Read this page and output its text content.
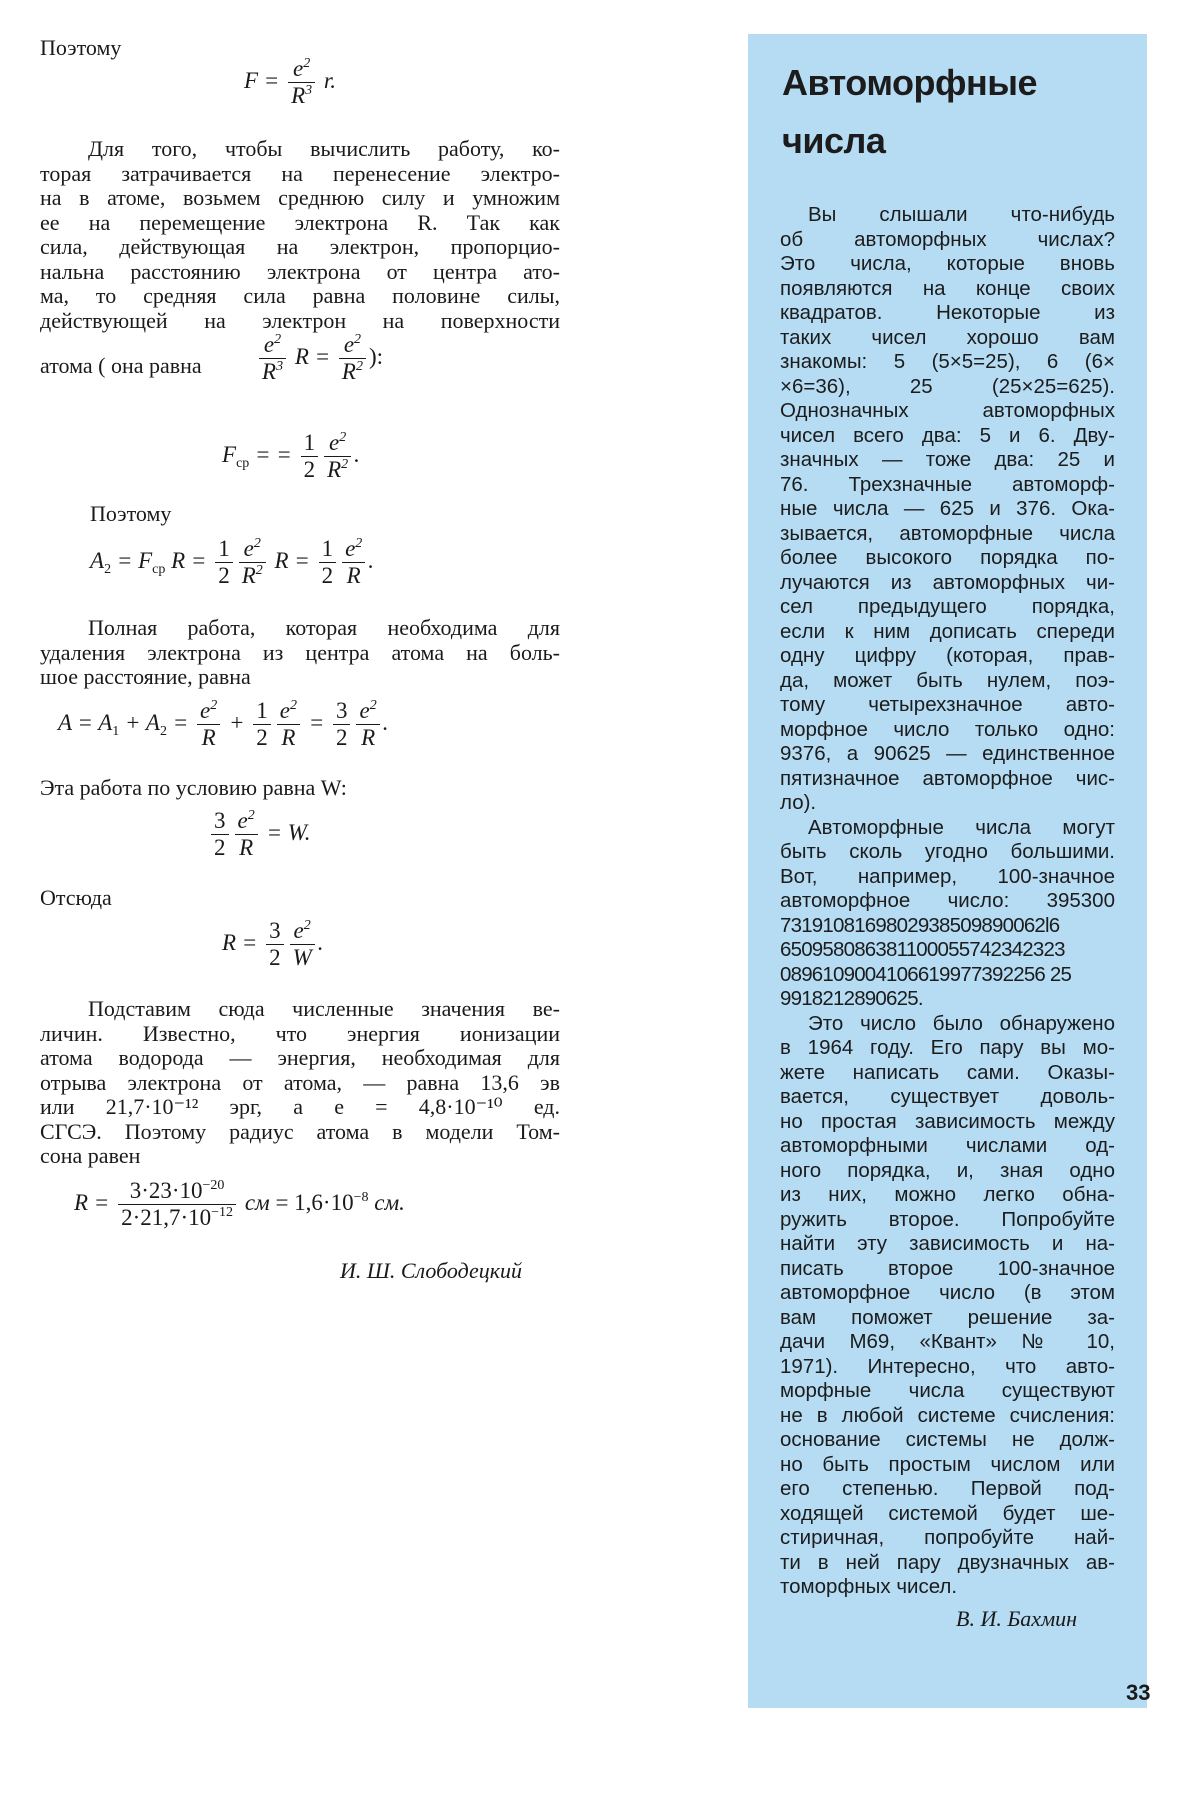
Поэтому
$F = \frac{e^2}{R^3} r$.
Для того, чтобы вычислить работу, ко-
торая затрачивается на перенесение электро-
на в атоме, возьмем среднюю силу и умножим
ее на перемещение электрона R. Так как
сила, действующая на электрон, пропорцио-
нальна расстоянию электрона от центра ато-
ма, то средняя сила равна половине силы,
действующей на электрон на поверхности
атома ( она равна $\frac{e^2}{R^3}$ $R = \frac{e^2}{R^2}$ ):
$F_{cp}$ = = $\frac{1}{2} \frac{e^2}{R^2}$ .
Поэтому
$A_2 = F_{cp}$ $R = \frac{1}{2} \frac{e^2}{R^2}$ $R = \frac{1}{2} \frac{e^2}{R}$ .
Полная работа, которая необходима для
удаления электрона из центра атома на боль-
шое расстояние, равна
$A = A_1 + A_2 = \frac{e^2}{R} + \frac{1}{2} \frac{e^2}{R} = \frac{3}{2} \frac{e^2}{R}$ .
Эта работа по условию равна W:
$\frac{3}{2} \frac{e^2}{R} = W$.
Отсюда
$R = \frac{3}{2} \frac{e^2}{W}$ .
Подставим сюда численные значения ве-
личин. Известно, что энергия ионизации
атома водорода — энергия, необходимая для
отрыва электрона от атома, — равна 13,6 эв
или 21,7·10⁻¹² эрг, а e = 4,8·10⁻¹⁰ ед.
СГСЭ. Поэтому радиус атома в модели Том-
сона равен
$R = \frac{3\cdot 23\cdot 10^{-20}}{2\cdot 21,7\cdot 10^{-12}}$ см = $1,6\cdot 10^{-8}$ см.
И. Ш. Слободецкий
Автоморфные
числа
Вы слышали что-нибудь
об автоморфных числах?
Это числа, которые вновь
появляются на конце своих
квадратов. Некоторые из
таких чисел хорошо вам
знакомы: 5 (5×5=25), 6 (6×
×6=36), 25 (25×25=625).
Однозначных автоморфных
чисел всего два: 5 и 6. Дву-
значных — тоже два: 25 и
76. Трехзначные автоморф-
ные числа — 625 и 376. Ока-
зывается, автоморфные числа
более высокого порядка по-
лучаются из автоморфных чи-
сел предыдущего порядка,
если к ним дописать спереди
одну цифру (которая, прав-
да, может быть нулем, поэ-
тому четырехзначное авто-
морфное число только одно:
9376, а 90625 — единственное
пятизначное автоморфное чис-
ло).
Автоморфные числа могут
быть сколь угодно большими.
Вот, например, 100-значное
автоморфное число: 395300
7319108169802938509890062l6
650958086381100055742342323
0896109004106619977392256 25
9918212890625.
Это число было обнаружено
в 1964 году. Его пару вы мо-
жете написать сами. Оказы-
вается, существует доволь-
но простая зависимость между
автоморфными числами од-
ного порядка, и, зная одно
из них, можно легко обна-
ружить второе. Попробуйте
найти эту зависимость и на-
писать второе 100-значное
автоморфное число (в этом
вам поможет решение за-
дачи М69, «Квант» № 10,
1971). Интересно, что авто-
морфные числа существуют
не в любой системе счисления:
основание системы не долж-
но быть простым числом или
его степенью. Первой под-
ходящей системой будет ше-
стиричная, попробуйте най-
ти в ней пару двузначных ав-
томорфных чисел.
В. И. Бахмин
33
